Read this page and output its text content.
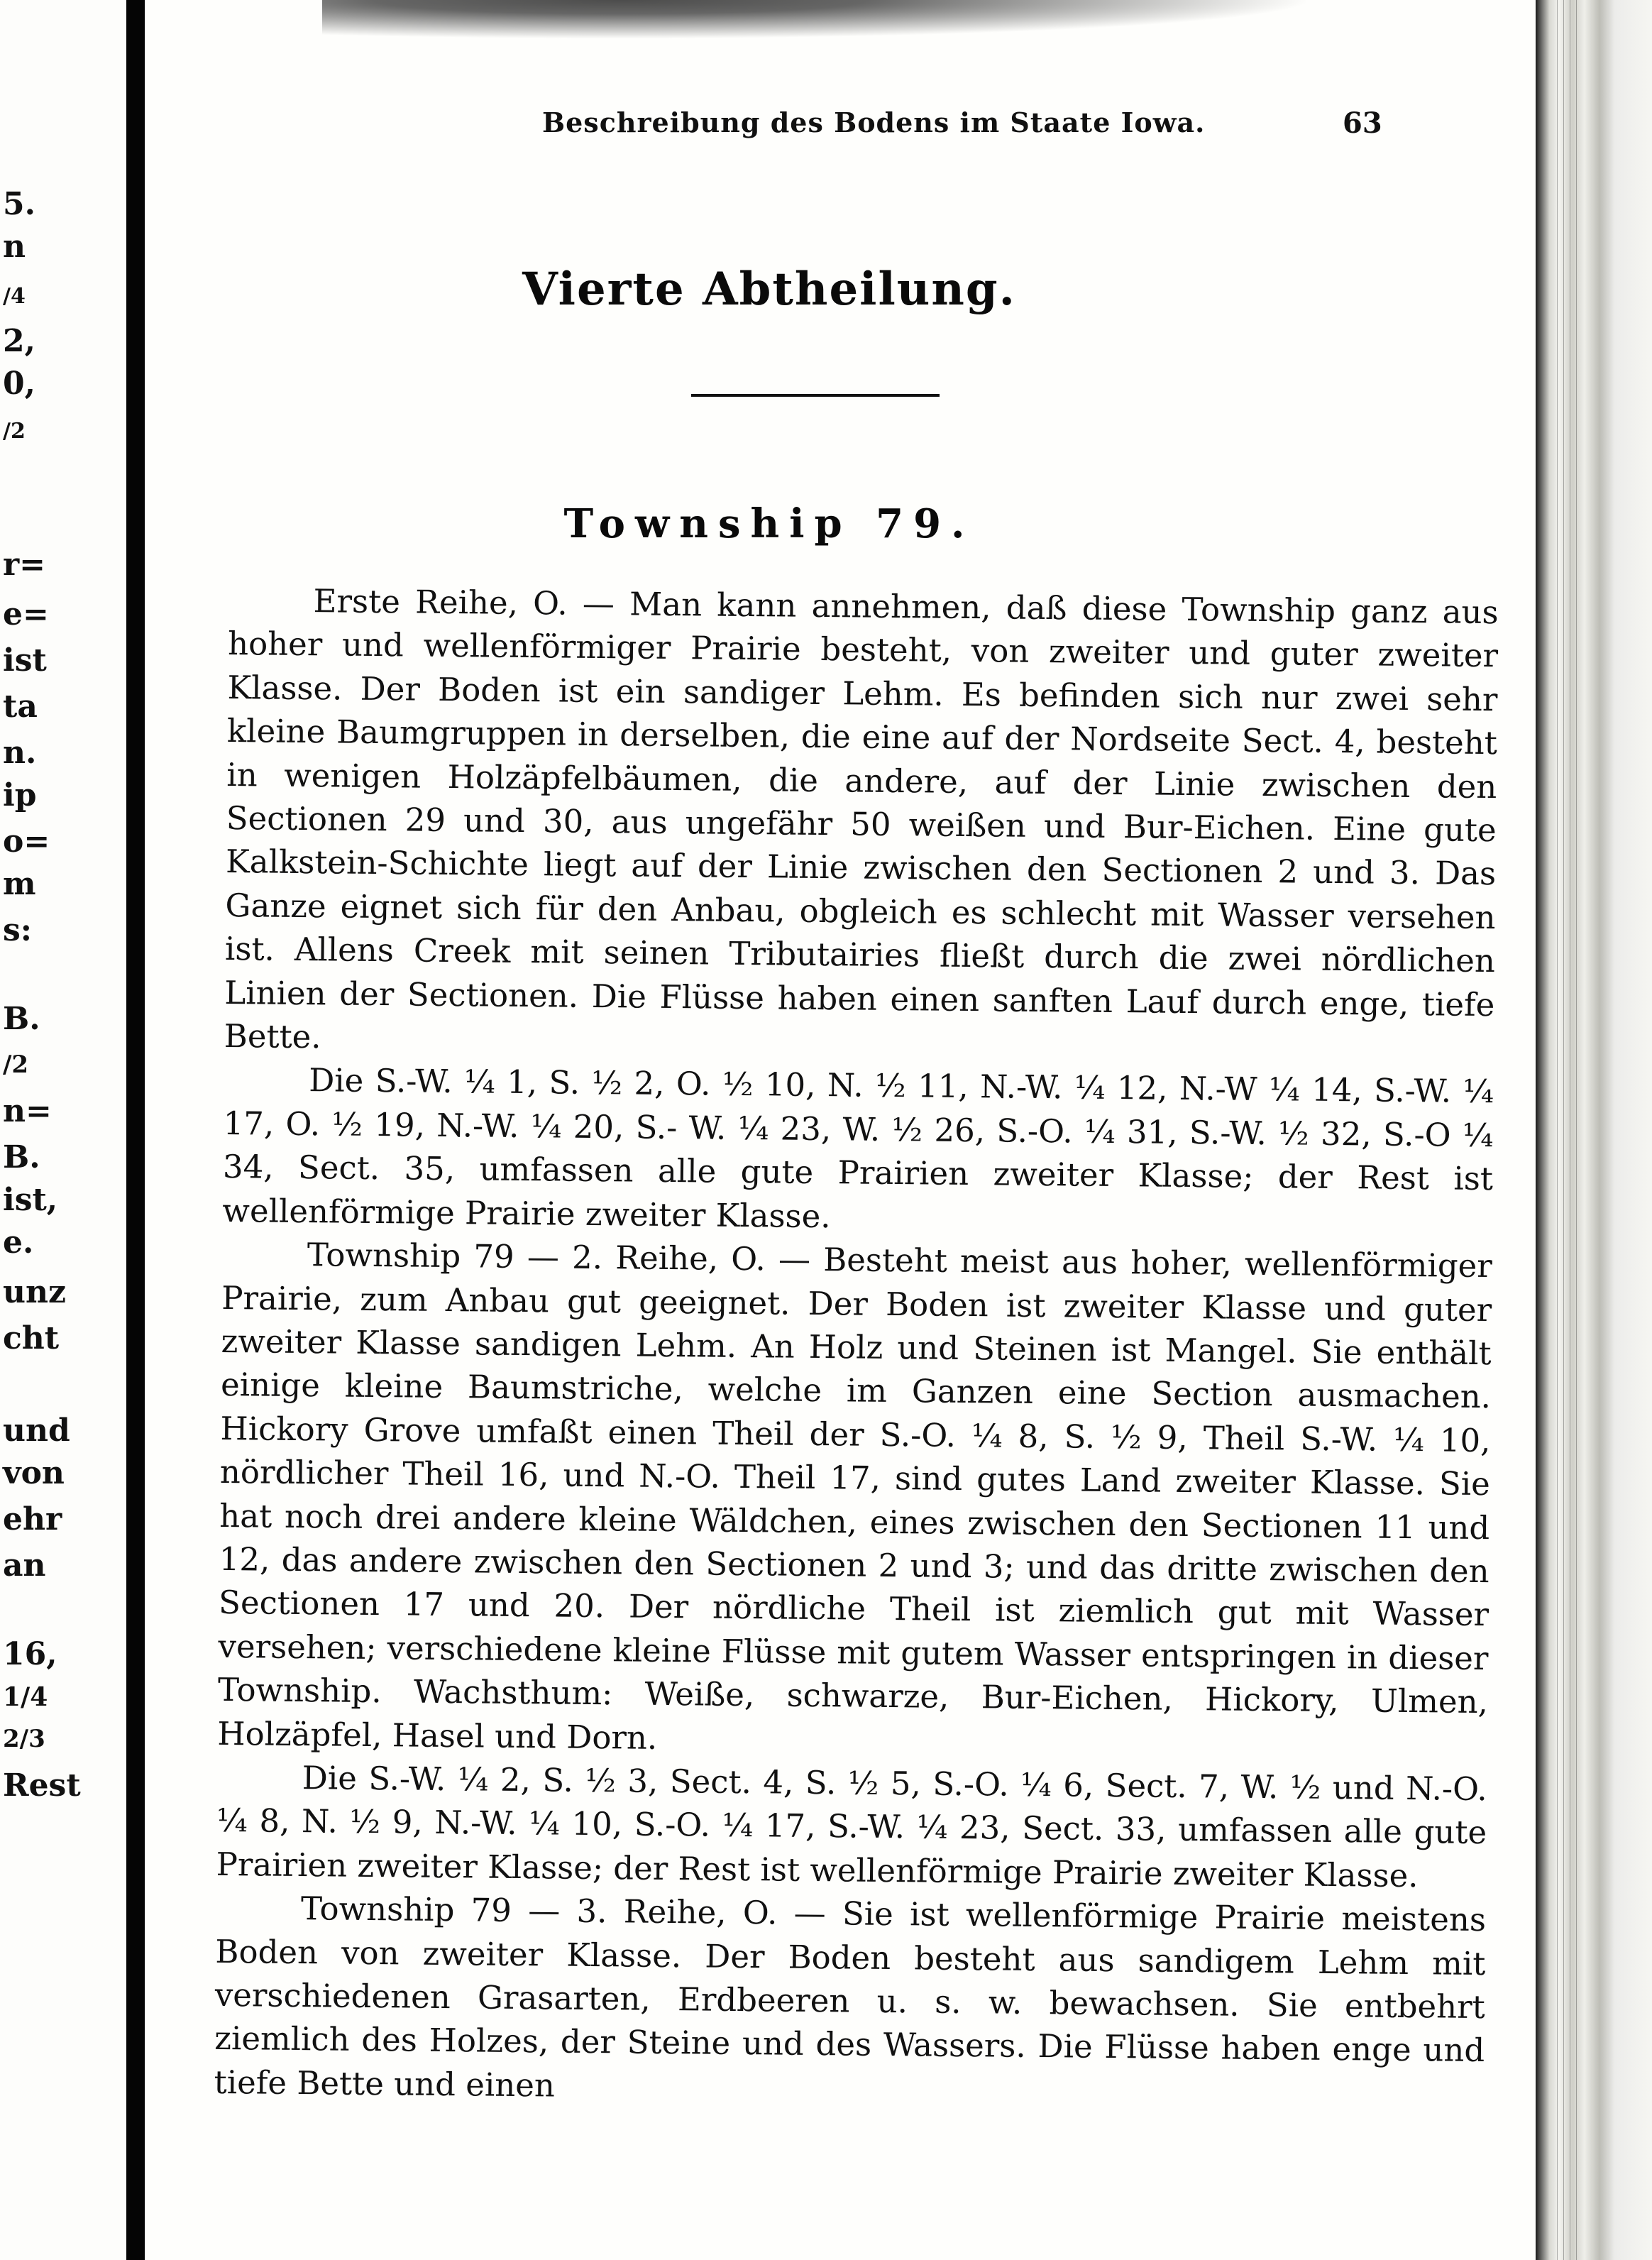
5.
n
/4
2,
0,
/2
r=
e=
ist
ta
n.
ip
o=
m
s:
B.
/2
n=
B.
ist,
e.
unz
cht
und
von
ehr
an
16,
1/4
2/3
Rest
Beschreibung des Bodens im Staate Iowa.	63
Vierte Abtheilung.
Township 79.

Erste Reihe, O. — Man kann annehmen, daß diese Township ganz aus hoher und wellenförmiger Prairie besteht, von zweiter und guter zweiter Klasse. Der Boden ist ein sandiger Lehm. Es befinden sich nur zwei sehr kleine Baumgruppen in derselben, die eine auf der Nordseite Sect. 4, besteht in wenigen Holzäpfelbäumen, die andere, auf der Linie zwischen den Sectionen 29 und 30, aus ungefähr 50 weißen und Bur-Eichen. Eine gute Kalkstein-Schichte liegt auf der Linie zwischen den Sectionen 2 und 3. Das Ganze eignet sich für den Anbau, obgleich es schlecht mit Wasser versehen ist. Allens Creek mit seinen Tributairies fließt durch die zwei nördlichen Linien der Sectionen. Die Flüsse haben einen sanften Lauf durch enge, tiefe Bette.

Die S.-W. ¼ 1, S. ½ 2, O. ½ 10, N. ½ 11, N.-W. ¼ 12, N.-W ¼ 14, S.-W. ¼ 17, O. ½ 19, N.-W. ¼ 20, S.- W. ¼ 23, W. ½ 26, S.-O. ¼ 31, S.-W. ½ 32, S.-O ¼ 34, Sect. 35, umfassen alle gute Prairien zweiter Klasse; der Rest ist wellenförmige Prairie zweiter Klasse.

Township 79 — 2. Reihe, O. — Besteht meist aus hoher, wellenförmiger Prairie, zum Anbau gut geeignet. Der Boden ist zweiter Klasse und guter zweiter Klasse sandigen Lehm. An Holz und Steinen ist Mangel. Sie enthält einige kleine Baumstriche, welche im Ganzen eine Section ausmachen. Hickory Grove umfaßt einen Theil der S.-O. ¼ 8, S. ½ 9, Theil S.-W. ¼ 10, nördlicher Theil 16, und N.-O. Theil 17, sind gutes Land zweiter Klasse. Sie hat noch drei andere kleine Wäldchen, eines zwischen den Sectionen 11 und 12, das andere zwischen den Sectionen 2 und 3; und das dritte zwischen den Sectionen 17 und 20. Der nördliche Theil ist ziemlich gut mit Wasser versehen; verschiedene kleine Flüsse mit gutem Wasser entspringen in dieser Township. Wachsthum: Weiße, schwarze, Bur-Eichen, Hickory, Ulmen, Holzäpfel, Hasel und Dorn.

Die S.-W. ¼ 2, S. ½ 3, Sect. 4, S. ½ 5, S.-O. ¼ 6, Sect. 7, W. ½ und N.-O. ¼ 8, N. ½ 9, N.-W. ¼ 10, S.-O. ¼ 17, S.-W. ¼ 23, Sect. 33, umfassen alle gute Prairien zweiter Klasse; der Rest ist wellenförmige Prairie zweiter Klasse.

Township 79 — 3. Reihe, O. — Sie ist wellenförmige Prairie meistens Boden von zweiter Klasse. Der Boden besteht aus sandigem Lehm mit verschiedenen Grasarten, Erdbeeren u. s. w. bewachsen. Sie entbehrt ziemlich des Holzes, der Steine und des Wassers. Die Flüsse haben enge und tiefe Bette und einen
